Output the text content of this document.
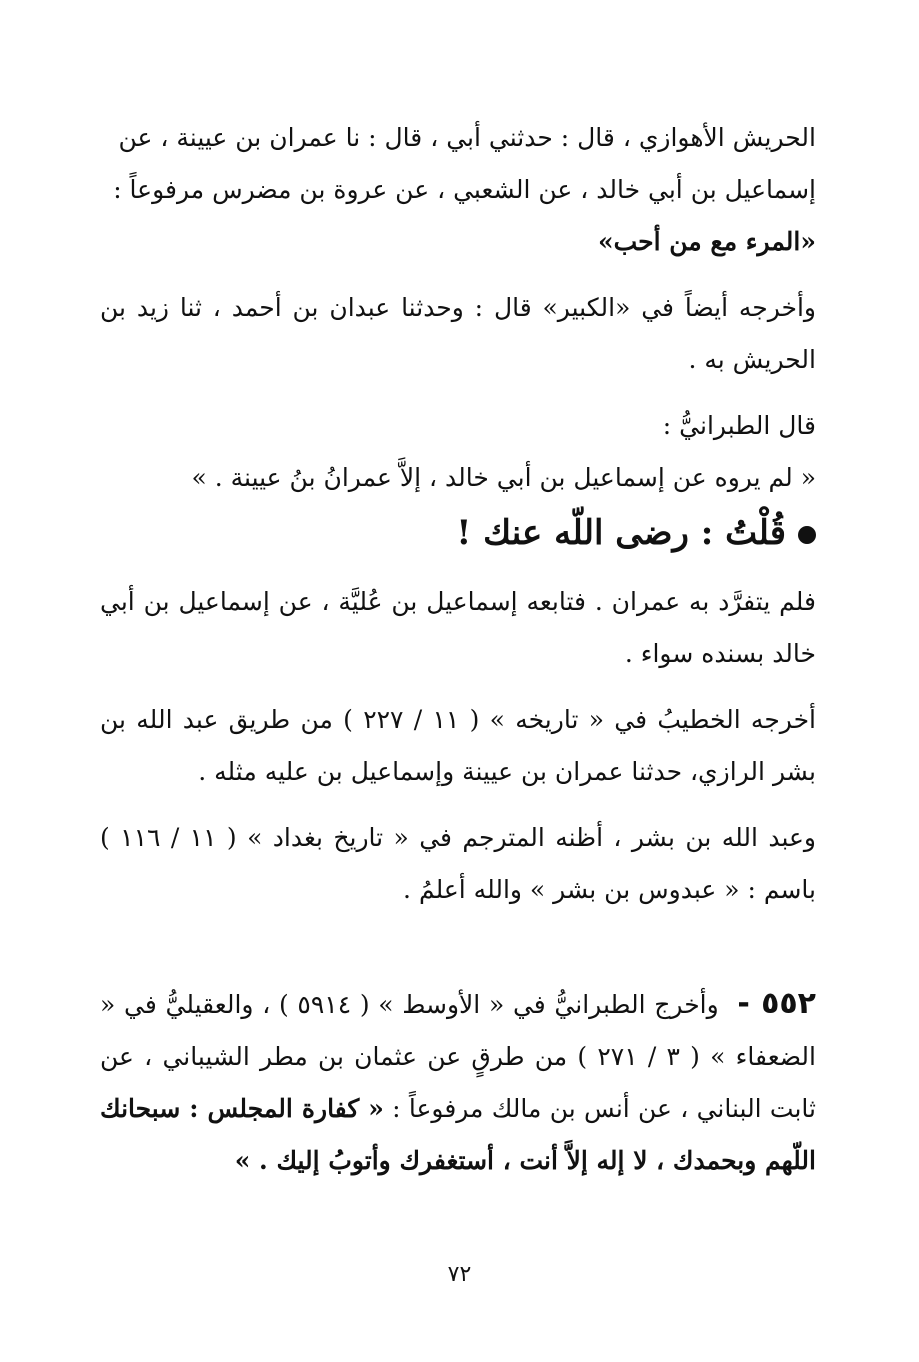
الحريش الأهوازي ، قال : حدثني أبي ، قال : نا عمران بن عيينة ، عن
إسماعيل بن أبي خالد ، عن الشعبي ، عن عروة بن مضرس مرفوعاً :
«المرء مع من أحب»

وأخرجه أيضاً في «الكبير» قال : وحدثنا عبدان بن أحمد ، ثنا زيد بن الحريش به .

قال الطبرانيُّ :

« لم يروه عن إسماعيل بن أبي خالد ، إلاَّ عمرانُ بنُ عيينة . »

قُلْتُ : رضى اللّه عنك !

فلم يتفرَّد به عمران . فتابعه إسماعيل بن عُليَّة ، عن إسماعيل بن أبي خالد بسنده سواء .

أخرجه الخطيبُ في « تاريخه » ( ١١ / ٢٢٧ ) من طريق عبد الله بن بشر الرازي، حدثنا عمران بن عيينة وإسماعيل بن عليه مثله .

وعبد الله بن بشر ، أظنه المترجم في « تاريخ بغداد » ( ١١ / ١١٦ ) باسم : « عبدوس بن بشر » والله أعلمُ .

٥٥٢ - وأخرج الطبرانيُّ في « الأوسط » ( ٥٩١٤ ) ، والعقيليُّ في « الضعفاء » ( ٣ / ٢٧١ ) من طرقٍ عن عثمان بن مطر الشيباني ، عن ثابت البناني ، عن أنس بن مالك مرفوعاً : « كفارة المجلس : سبحانك اللّهم وبحمدك ، لا إله إلاَّ أنت ، أستغفرك وأتوبُ إليك . »

٧٢
